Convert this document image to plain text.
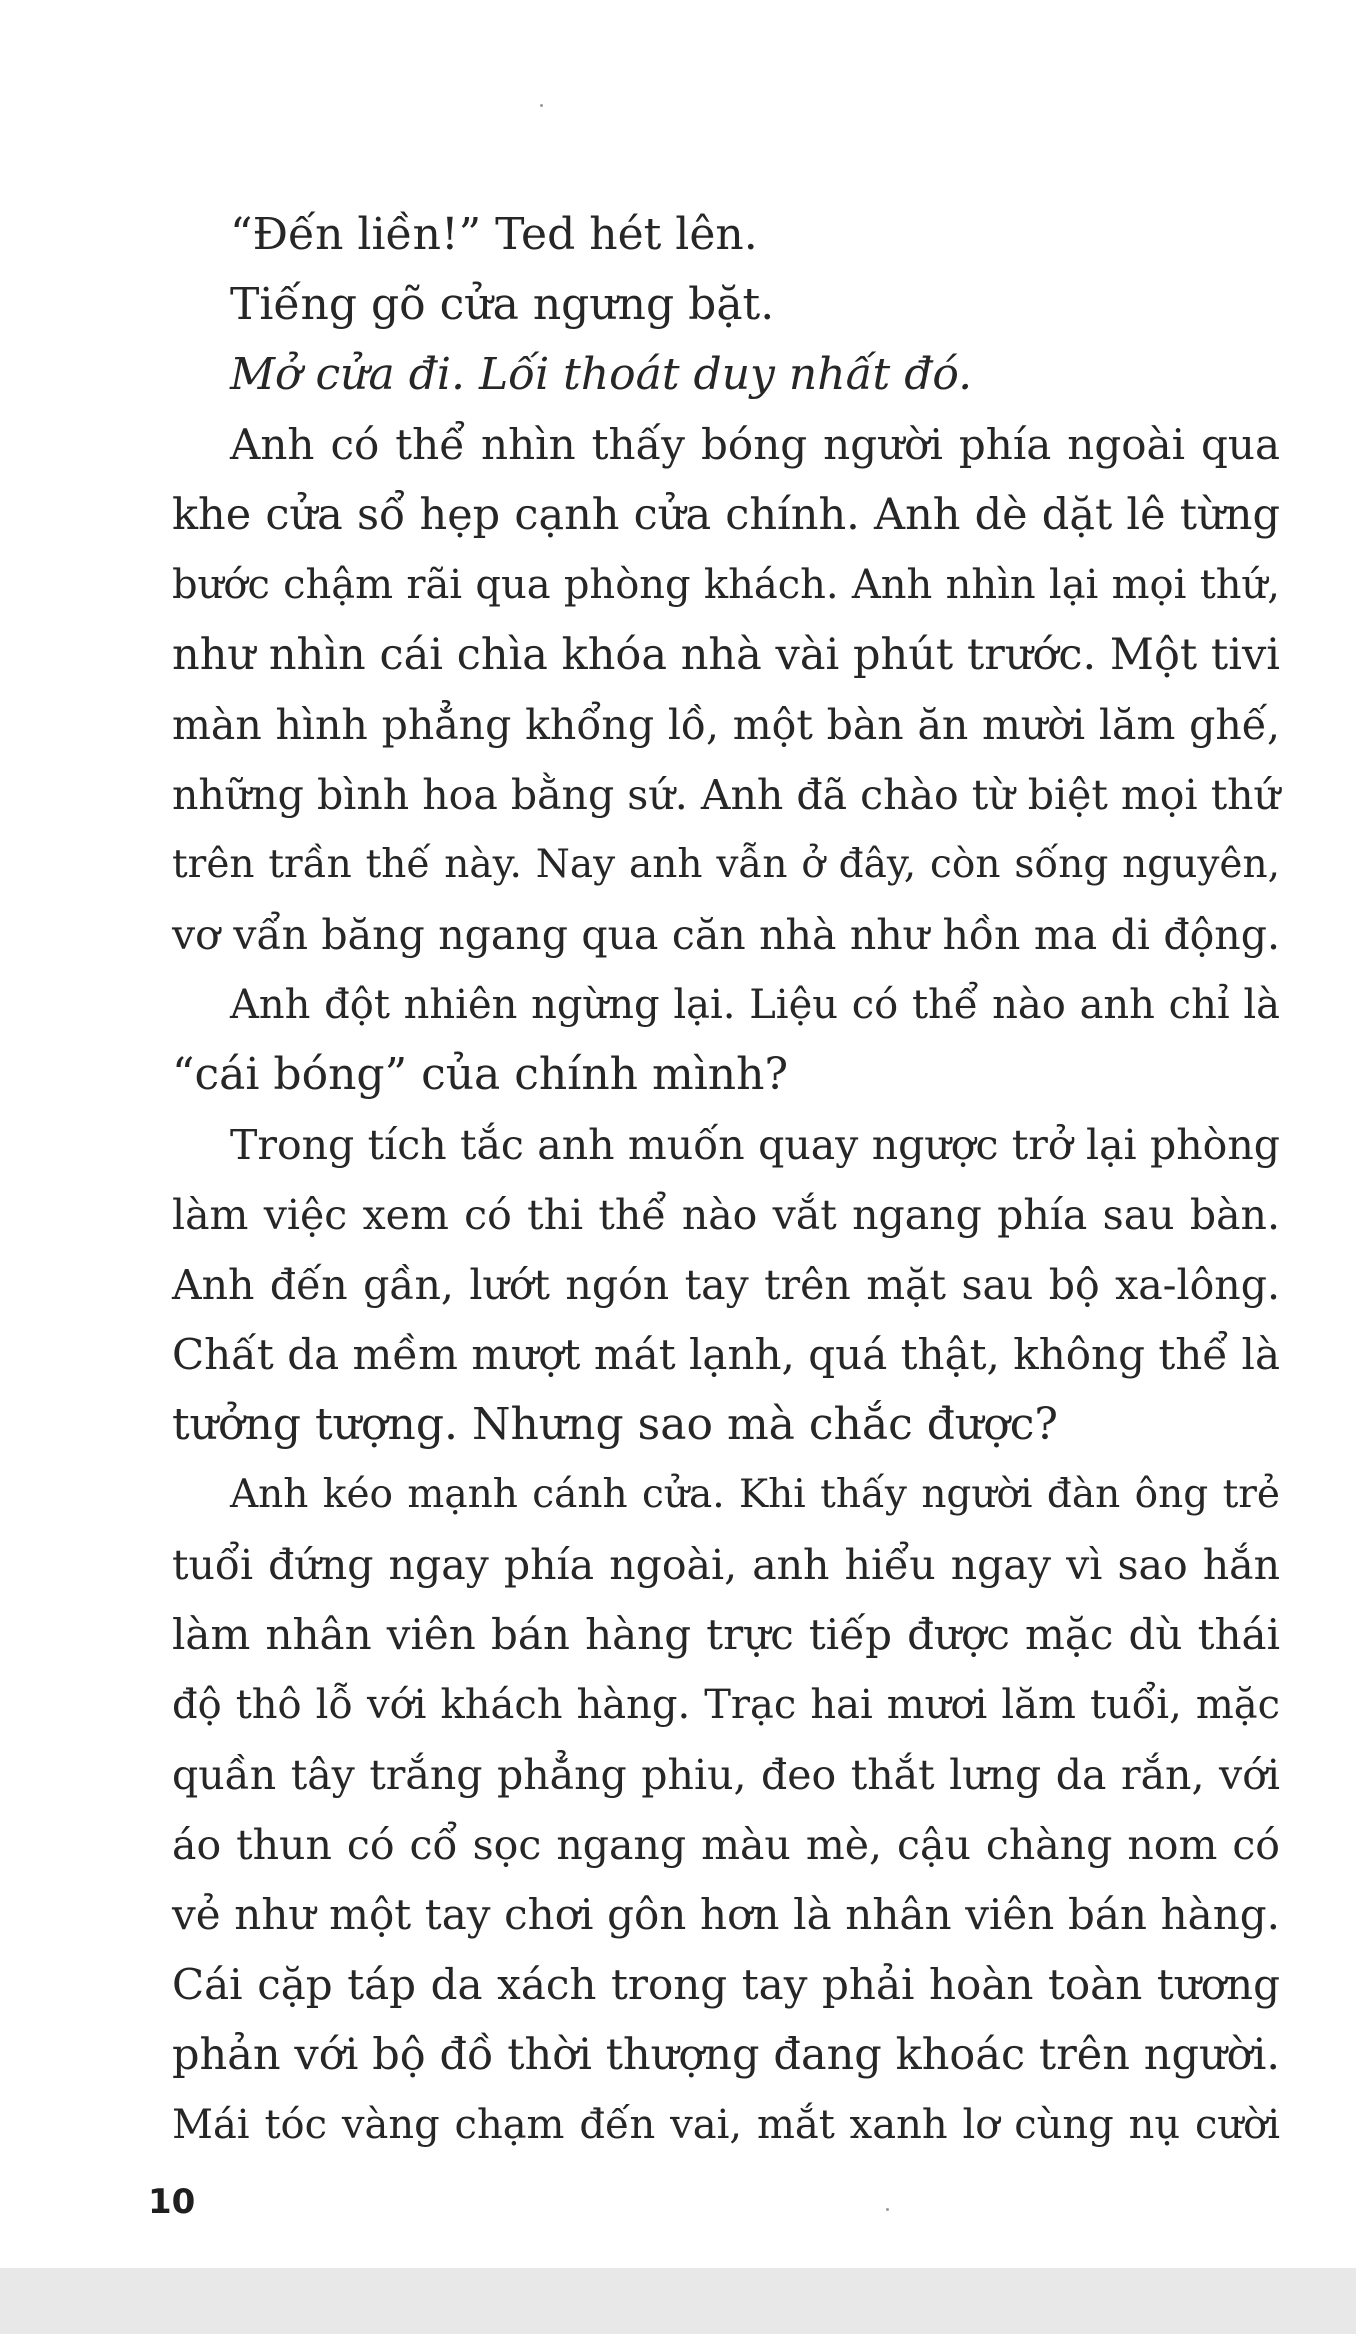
“Đến liền!” Ted hét lên.
Tiếng gõ cửa ngưng bặt.
Mở cửa đi. Lối thoát duy nhất đó.
Anh có thể nhìn thấy bóng người phía ngoài qua
khe cửa sổ hẹp cạnh cửa chính. Anh dè dặt lê từng
bước chậm rãi qua phòng khách. Anh nhìn lại mọi thứ,
như nhìn cái chìa khóa nhà vài phút trước. Một tivi
màn hình phẳng khổng lồ, một bàn ăn mười lăm ghế,
những bình hoa bằng sứ. Anh đã chào từ biệt mọi thứ
trên trần thế này. Nay anh vẫn ở đây, còn sống nguyên,
vơ vẩn băng ngang qua căn nhà như hồn ma di động.
Anh đột nhiên ngừng lại. Liệu có thể nào anh chỉ là
“cái bóng” của chính mình?
Trong tích tắc anh muốn quay ngược trở lại phòng
làm việc xem có thi thể nào vắt ngang phía sau bàn.
Anh đến gần, lướt ngón tay trên mặt sau bộ xa-lông.
Chất da mềm mượt mát lạnh, quá thật, không thể là
tưởng tượng. Nhưng sao mà chắc được?
Anh kéo mạnh cánh cửa. Khi thấy người đàn ông trẻ
tuổi đứng ngay phía ngoài, anh hiểu ngay vì sao hắn
làm nhân viên bán hàng trực tiếp được mặc dù thái
độ thô lỗ với khách hàng. Trạc hai mươi lăm tuổi, mặc
quần tây trắng phẳng phiu, đeo thắt lưng da rắn, với
áo thun có cổ sọc ngang màu mè, cậu chàng nom có
vẻ như một tay chơi gôn hơn là nhân viên bán hàng.
Cái cặp táp da xách trong tay phải hoàn toàn tương
phản với bộ đồ thời thượng đang khoác trên người.
Mái tóc vàng chạm đến vai, mắt xanh lơ cùng nụ cười
10
